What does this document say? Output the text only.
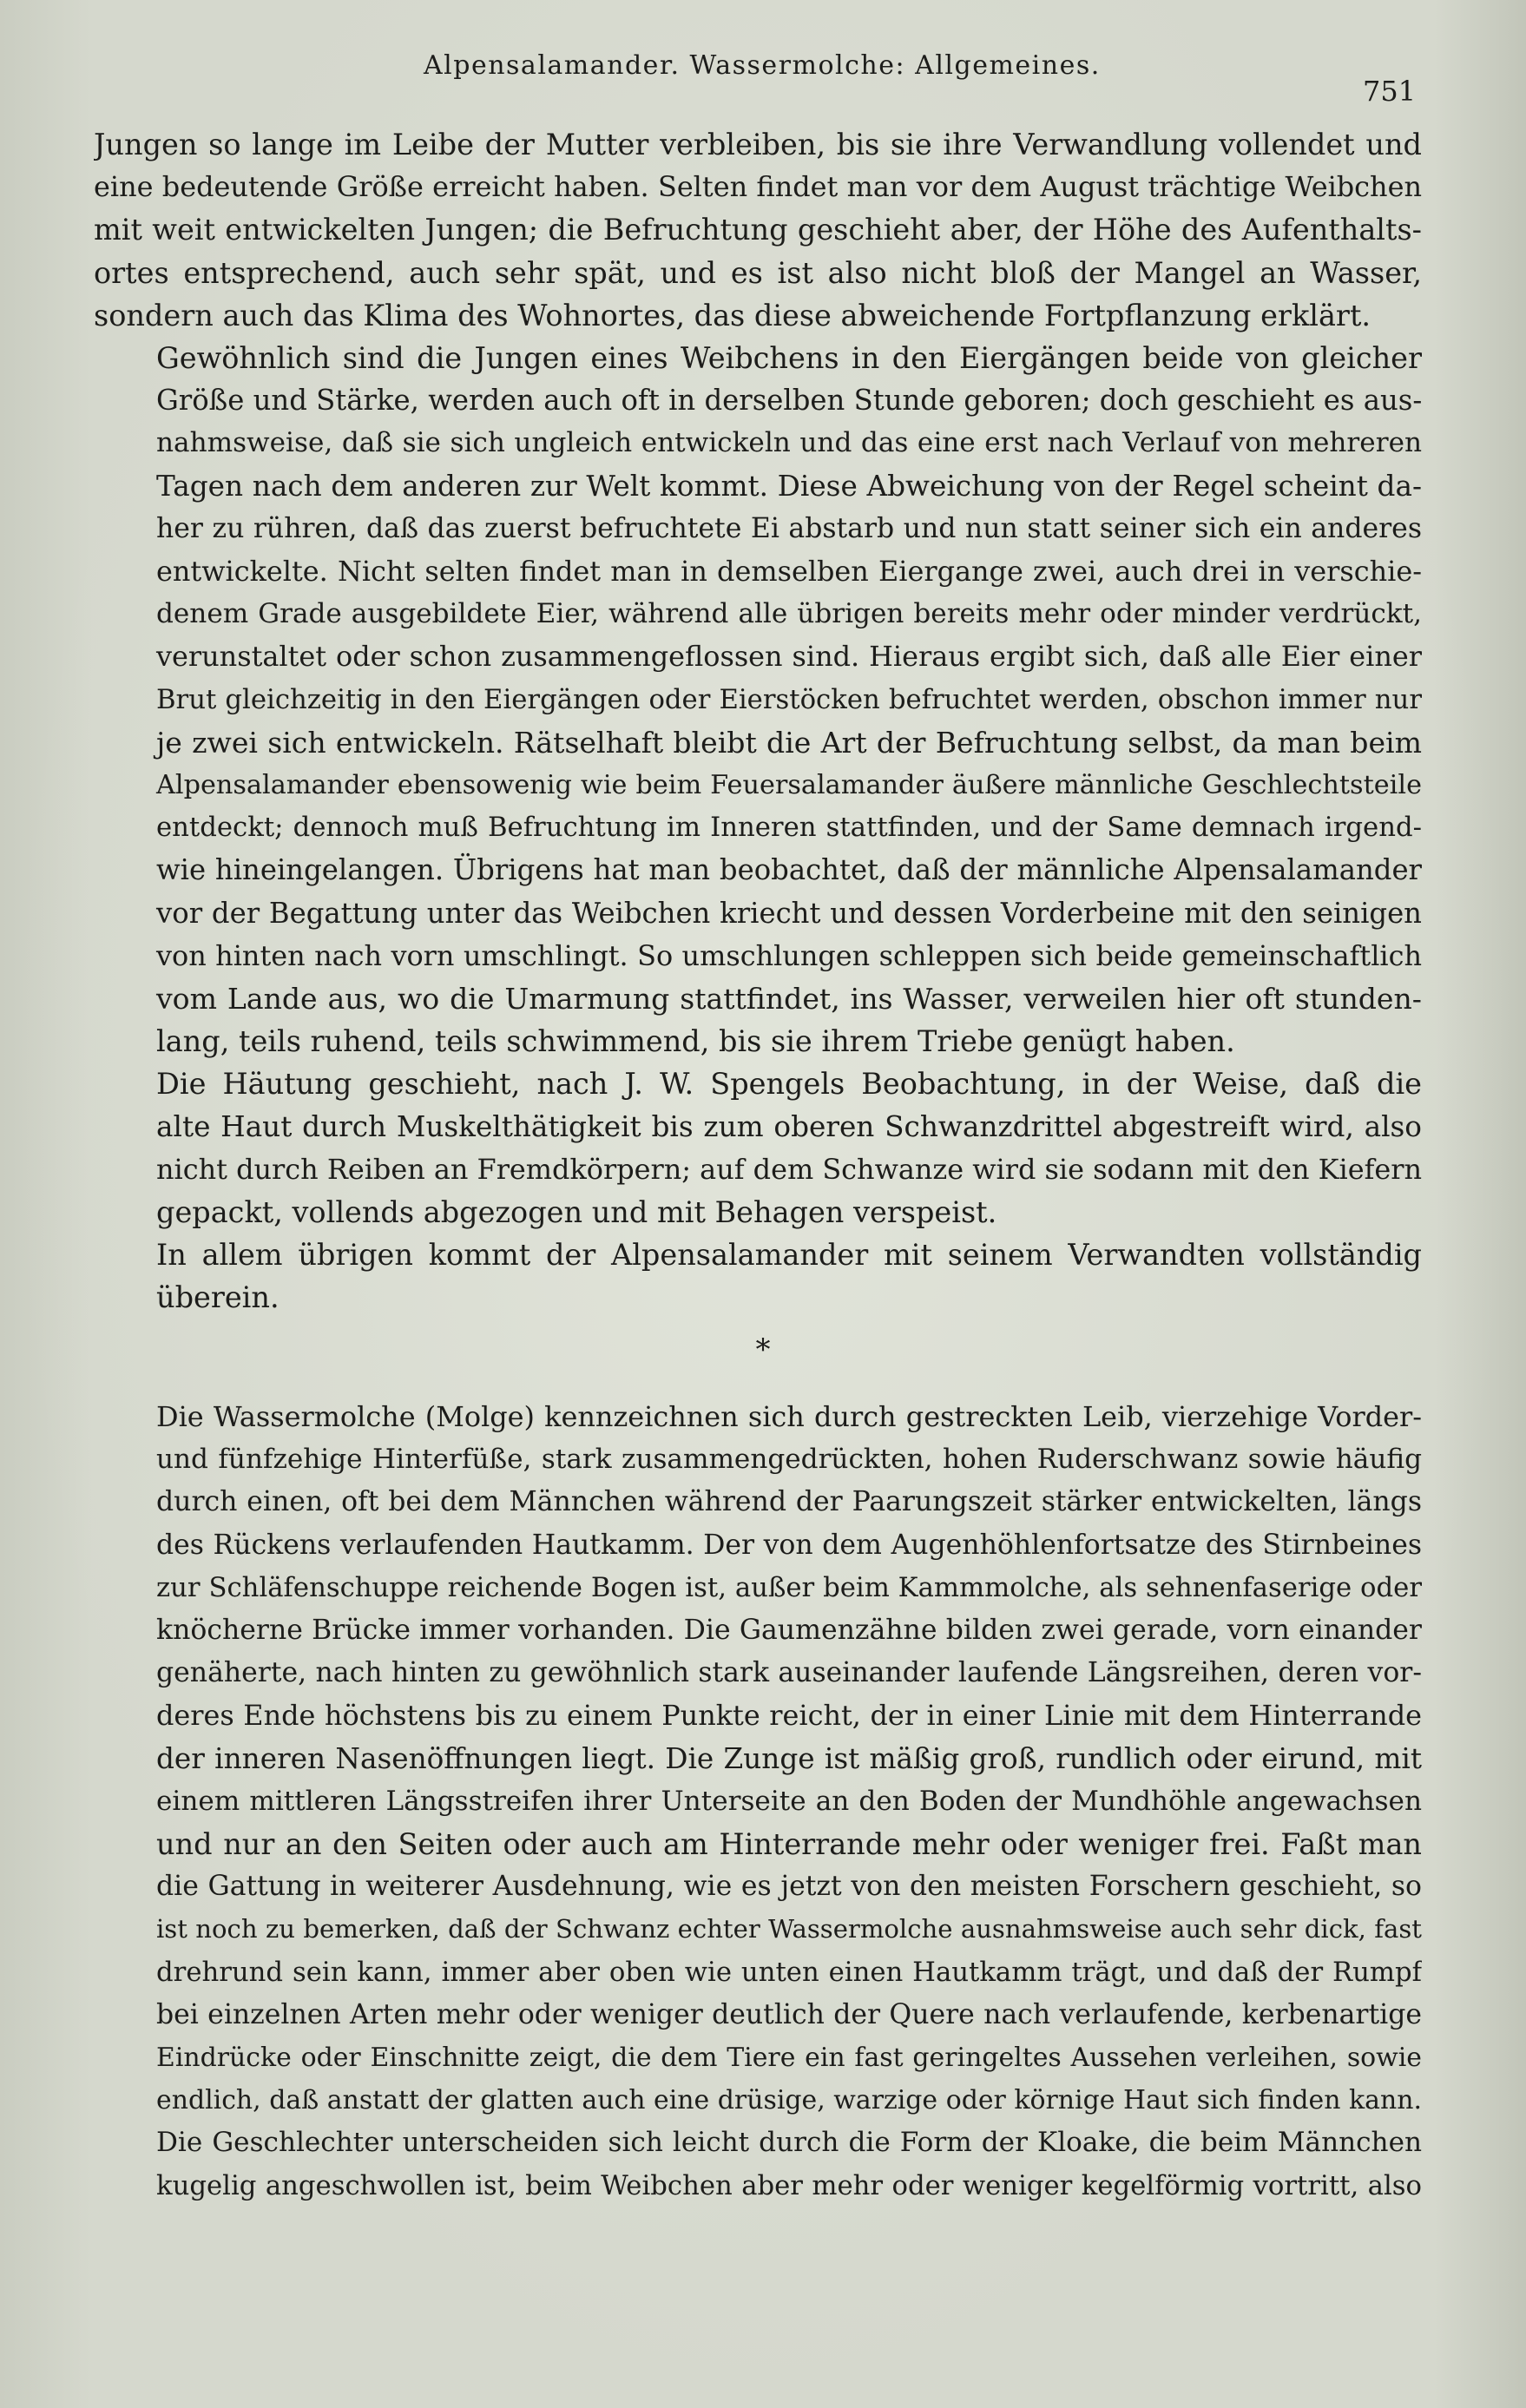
Alpensalamander. Wassermolche: Allgemeines.
751

Jungen so lange im Leibe der Mutter verbleiben, bis sie ihre Verwandlung vollendet und
eine bedeutende Größe erreicht haben. Selten findet man vor dem August trächtige Weibchen
mit weit entwickelten Jungen; die Befruchtung geschieht aber, der Höhe des Aufenthalts-
ortes entsprechend, auch sehr spät, und es ist also nicht bloß der Mangel an Wasser,
sondern auch das Klima des Wohnortes, das diese abweichende Fortpflanzung erklärt.

Gewöhnlich sind die Jungen eines Weibchens in den Eiergängen beide von gleicher
Größe und Stärke, werden auch oft in derselben Stunde geboren; doch geschieht es aus-
nahmsweise, daß sie sich ungleich entwickeln und das eine erst nach Verlauf von mehreren
Tagen nach dem anderen zur Welt kommt. Diese Abweichung von der Regel scheint da-
her zu rühren, daß das zuerst befruchtete Ei abstarb und nun statt seiner sich ein anderes
entwickelte. Nicht selten findet man in demselben Eiergange zwei, auch drei in verschie-
denem Grade ausgebildete Eier, während alle übrigen bereits mehr oder minder verdrückt,
verunstaltet oder schon zusammengeflossen sind. Hieraus ergibt sich, daß alle Eier einer
Brut gleichzeitig in den Eiergängen oder Eierstöcken befruchtet werden, obschon immer nur
je zwei sich entwickeln. Rätselhaft bleibt die Art der Befruchtung selbst, da man beim
Alpensalamander ebensowenig wie beim Feuersalamander äußere männliche Geschlechtsteile
entdeckt; dennoch muß Befruchtung im Inneren stattfinden, und der Same demnach irgend-
wie hineingelangen. Übrigens hat man beobachtet, daß der männliche Alpensalamander
vor der Begattung unter das Weibchen kriecht und dessen Vorderbeine mit den seinigen
von hinten nach vorn umschlingt. So umschlungen schleppen sich beide gemeinschaftlich
vom Lande aus, wo die Umarmung stattfindet, ins Wasser, verweilen hier oft stunden-
lang, teils ruhend, teils schwimmend, bis sie ihrem Triebe genügt haben.

Die Häutung geschieht, nach J. W. Spengels Beobachtung, in der Weise, daß die
alte Haut durch Muskelthätigkeit bis zum oberen Schwanzdrittel abgestreift wird, also
nicht durch Reiben an Fremdkörpern; auf dem Schwanze wird sie sodann mit den Kiefern
gepackt, vollends abgezogen und mit Behagen verspeist.

In allem übrigen kommt der Alpensalamander mit seinem Verwandten vollständig
überein.

*

Die Wassermolche (Molge) kennzeichnen sich durch gestreckten Leib, vierzehige Vorder-
und fünfzehige Hinterfüße, stark zusammengedrückten, hohen Ruderschwanz sowie häufig
durch einen, oft bei dem Männchen während der Paarungszeit stärker entwickelten, längs
des Rückens verlaufenden Hautkamm. Der von dem Augenhöhlenfortsatze des Stirnbeines
zur Schläfenschuppe reichende Bogen ist, außer beim Kammmolche, als sehnenfaserige oder
knöcherne Brücke immer vorhanden. Die Gaumenzähne bilden zwei gerade, vorn einander
genäherte, nach hinten zu gewöhnlich stark auseinander laufende Längsreihen, deren vor-
deres Ende höchstens bis zu einem Punkte reicht, der in einer Linie mit dem Hinterrande
der inneren Nasenöffnungen liegt. Die Zunge ist mäßig groß, rundlich oder eirund, mit
einem mittleren Längsstreifen ihrer Unterseite an den Boden der Mundhöhle angewachsen
und nur an den Seiten oder auch am Hinterrande mehr oder weniger frei. Faßt man
die Gattung in weiterer Ausdehnung, wie es jetzt von den meisten Forschern geschieht, so
ist noch zu bemerken, daß der Schwanz echter Wassermolche ausnahmsweise auch sehr dick, fast
drehrund sein kann, immer aber oben wie unten einen Hautkamm trägt, und daß der Rumpf
bei einzelnen Arten mehr oder weniger deutlich der Quere nach verlaufende, kerbenartige
Eindrücke oder Einschnitte zeigt, die dem Tiere ein fast geringeltes Aussehen verleihen, sowie
endlich, daß anstatt der glatten auch eine drüsige, warzige oder körnige Haut sich finden kann.
Die Geschlechter unterscheiden sich leicht durch die Form der Kloake, die beim Männchen
kugelig angeschwollen ist, beim Weibchen aber mehr oder weniger kegelförmig vortritt, also
